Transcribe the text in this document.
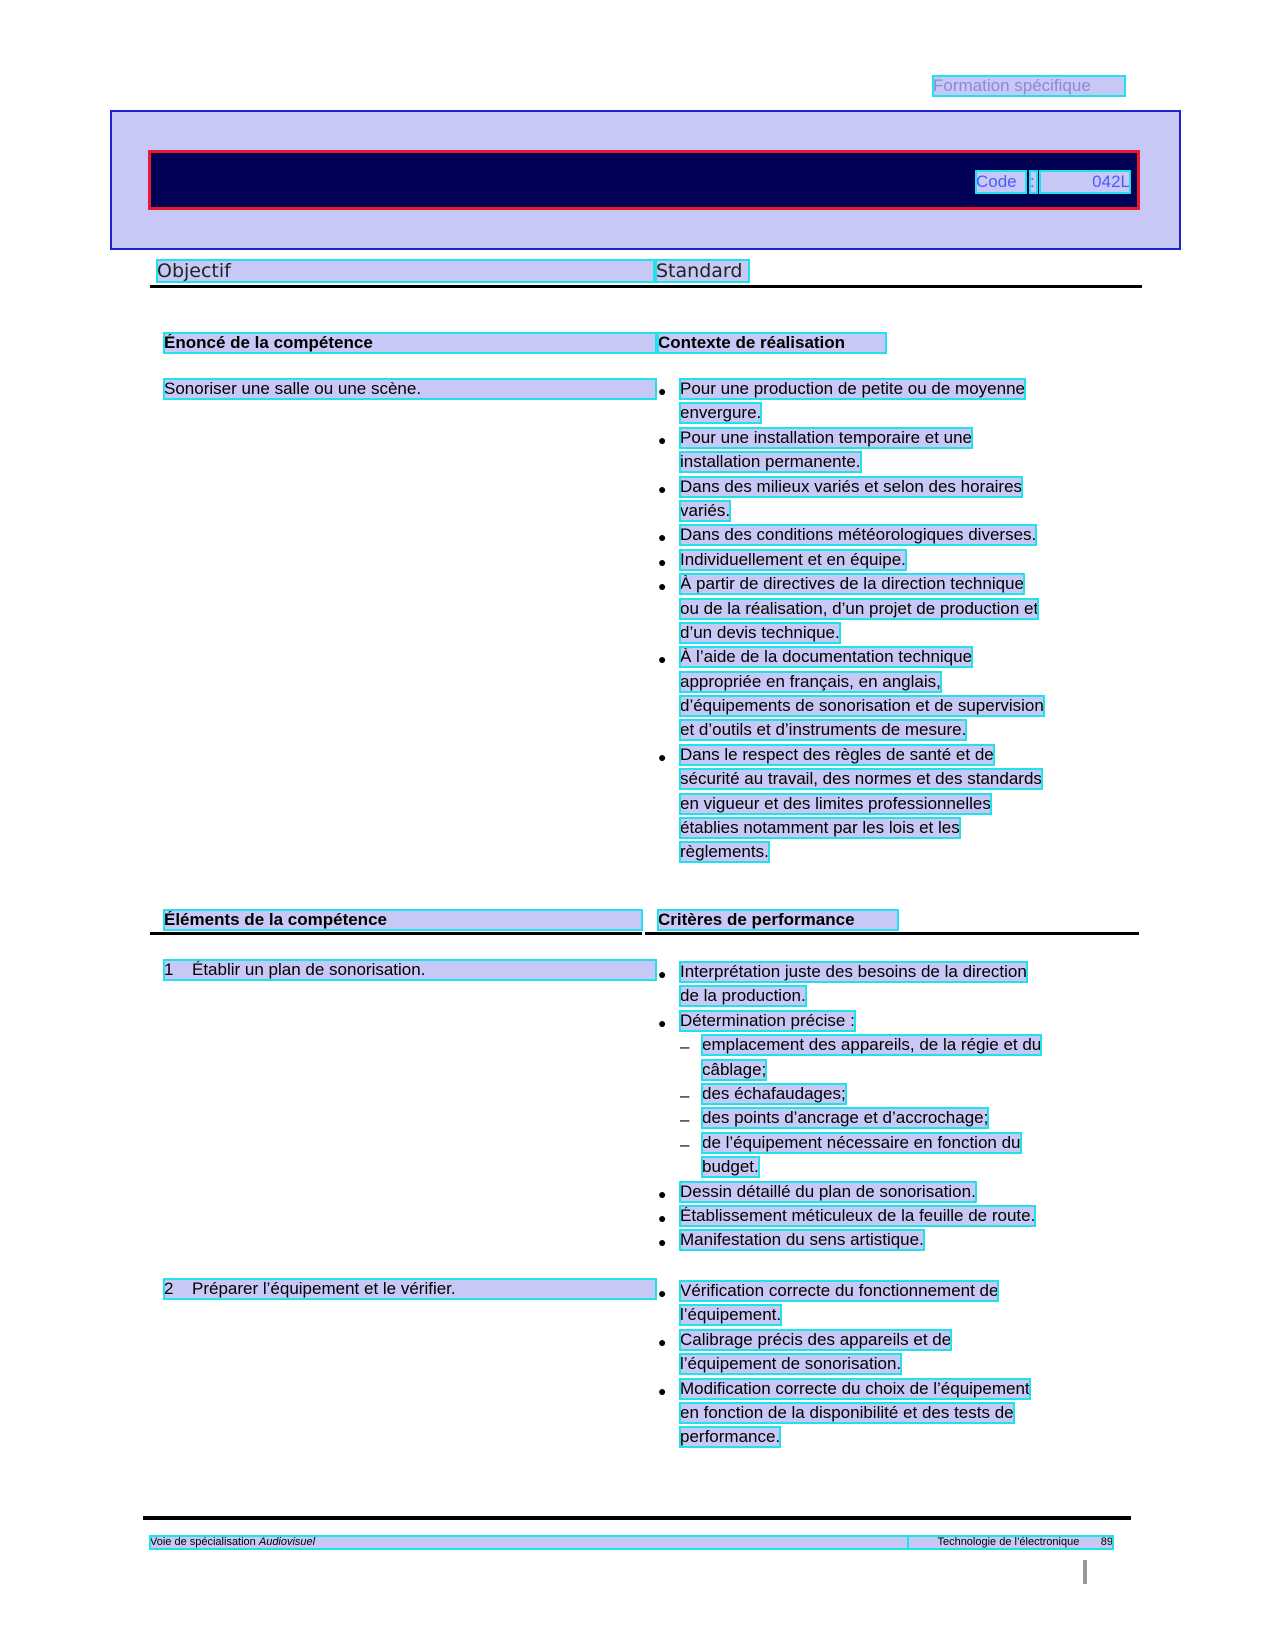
Formation spécifique
Code :	042L
Objectif	Standard
Énoncé de la compétence	Contexte de réalisation
Sonoriser une salle ou une scène.	● Pour une production de petite ou de moyenne
envergure.
● Pour une installation temporaire et une
installation permanente.
● Dans des milieux variés et selon des horaires
variés.
● Dans des conditions météorologiques diverses.
● Individuellement et en équipe.
● À partir de directives de la direction technique
ou de la réalisation, d’un projet de production et
d’un devis technique.
● À l’aide de la documentation technique
appropriée en français, en anglais,
d’équipements de sonorisation et de supervision
et d’outils et d’instruments de mesure.
● Dans le respect des règles de santé et de
sécurité au travail, des normes et des standards
en vigueur et des limites professionnelles
établies notamment par les lois et les
règlements.
Éléments de la compétence	Critères de performance
1 Établir un plan de sonorisation.	● Interprétation juste des besoins de la direction
de la production.
● Détermination précise :
– emplacement des appareils, de la régie et du
câblage;
– des échafaudages;
– des points d’ancrage et d’accrochage;
– de l’équipement nécessaire en fonction du
budget.
● Dessin détaillé du plan de sonorisation.
● Établissement méticuleux de la feuille de route.
● Manifestation du sens artistique.
2 Préparer l’équipement et le vérifier.	● Vérification correcte du fonctionnement de
l’équipement.
● Calibrage précis des appareils et de
l’équipement de sonorisation.
● Modification correcte du choix de l’équipement
en fonction de la disponibilité et des tests de
performance.
Voie de spécialisation Audiovisuel	Technologie de l’électronique 89
